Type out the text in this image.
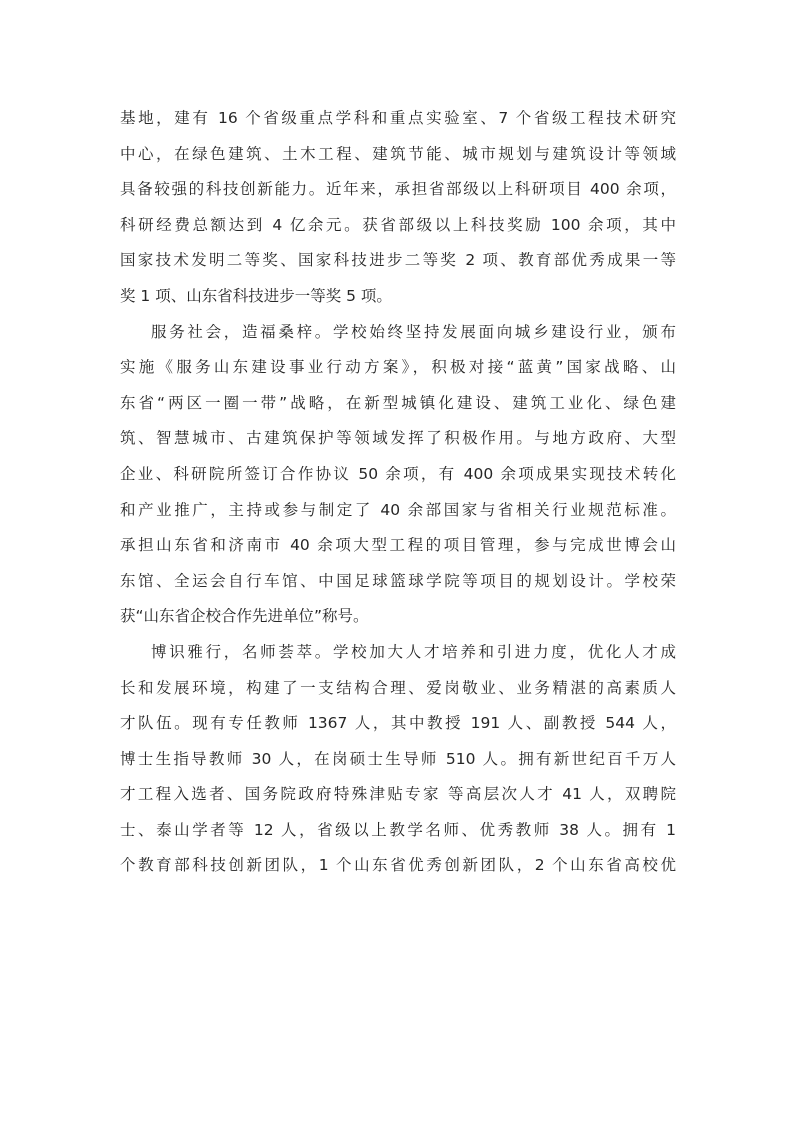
基地，建有 16 个省级重点学科和重点实验室、7 个省级工程技术研究
中心，在绿色建筑、土木工程、建筑节能、城市规划与建筑设计等领域
具备较强的科技创新能力。近年来，承担省部级以上科研项目 400 余项，
科研经费总额达到 4 亿余元。获省部级以上科技奖励 100 余项，其中
国家技术发明二等奖、国家科技进步二等奖 2 项、教育部优秀成果一等
奖 1 项、山东省科技进步一等奖 5 项。

服务社会，造福桑梓。学校始终坚持发展面向城乡建设行业，颁布
实施《服务山东建设事业行动方案》，积极对接“蓝黄”国家战略、山
东省“两区一圈一带”战略，在新型城镇化建设、建筑工业化、绿色建
筑、智慧城市、古建筑保护等领域发挥了积极作用。与地方政府、大型
企业、科研院所签订合作协议 50 余项，有 400 余项成果实现技术转化
和产业推广，主持或参与制定了 40 余部国家与省相关行业规范标准。
承担山东省和济南市 40 余项大型工程的项目管理，参与完成世博会山
东馆、全运会自行车馆、中国足球篮球学院等项目的规划设计。学校荣
获“山东省企校合作先进单位”称号。

博识雅行，名师荟萃。学校加大人才培养和引进力度，优化人才成
长和发展环境，构建了一支结构合理、爱岗敬业、业务精湛的高素质人
才队伍。现有专任教师 1367 人，其中教授 191 人、副教授 544 人，
博士生指导教师 30 人，在岗硕士生导师 510 人。拥有新世纪百千万人
才工程入选者、国务院政府特殊津贴专家 等高层次人才 41 人，双聘院
士、泰山学者等 12 人，省级以上教学名师、优秀教师 38 人。拥有 1
个教育部科技创新团队，1 个山东省优秀创新团队，2 个山东省高校优
